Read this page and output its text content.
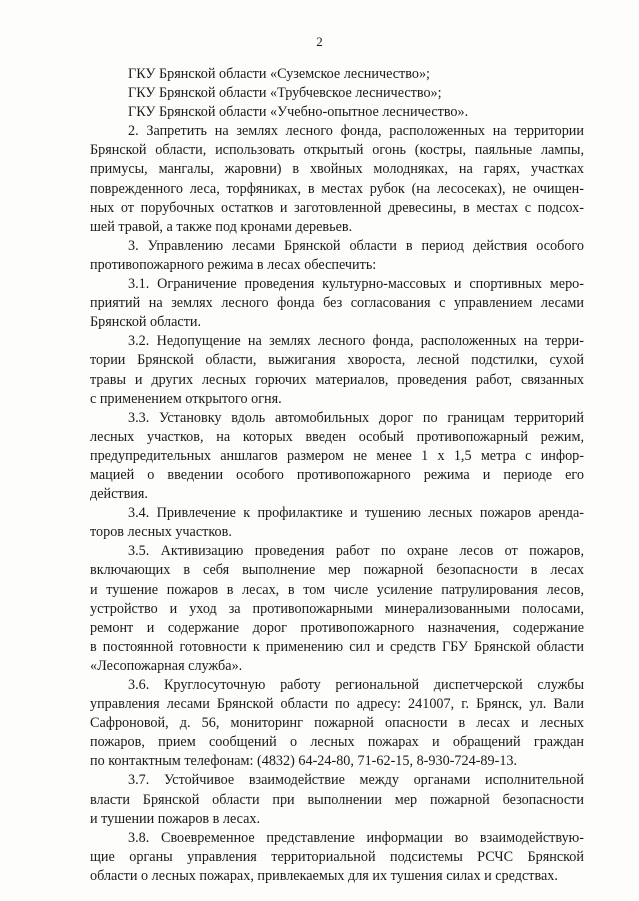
2
ГКУ Брянской области «Суземское лесничество»;
ГКУ Брянской области «Трубчевское лесничество»;
ГКУ Брянской области «Учебно-опытное лесничество».
2. Запретить на землях лесного фонда, расположенных на территории
Брянской области, использовать открытый огонь (костры, паяльные лампы,
примусы, мангалы, жаровни) в хвойных молодняках, на гарях, участках
поврежденного леса, торфяниках, в местах рубок (на лесосеках), не очищен-
ных от порубочных остатков и заготовленной древесины, в местах с подсох-
шей травой, а также под кронами деревьев.
3. Управлению лесами Брянской области в период действия особого
противопожарного режима в лесах обеспечить:
3.1. Ограничение проведения культурно-массовых и спортивных меро-
приятий на землях лесного фонда без согласования с управлением лесами
Брянской области.
3.2. Недопущение на землях лесного фонда, расположенных на терри-
тории Брянской области, выжигания хвороста, лесной подстилки, сухой
травы и других лесных горючих материалов, проведения работ, связанных
с применением открытого огня.
3.3. Установку вдоль автомобильных дорог по границам территорий
лесных участков, на которых введен особый противопожарный режим,
предупредительных аншлагов размером не менее 1 х 1,5 метра с инфор-
мацией о введении особого противопожарного режима и периоде его
действия.
3.4. Привлечение к профилактике и тушению лесных пожаров аренда-
торов лесных участков.
3.5. Активизацию проведения работ по охране лесов от пожаров,
включающих в себя выполнение мер пожарной безопасности в лесах
и тушение пожаров в лесах, в том числе усиление патрулирования лесов,
устройство и уход за противопожарными минерализованными полосами,
ремонт и содержание дорог противопожарного назначения, содержание
в постоянной готовности к применению сил и средств ГБУ Брянской области
«Лесопожарная служба».
3.6. Круглосуточную работу региональной диспетчерской службы
управления лесами Брянской области по адресу: 241007, г. Брянск, ул. Вали
Сафроновой, д. 56, мониторинг пожарной опасности в лесах и лесных
пожаров, прием сообщений о лесных пожарах и обращений граждан
по контактным телефонам: (4832) 64-24-80, 71-62-15, 8-930-724-89-13.
3.7. Устойчивое взаимодействие между органами исполнительной
власти Брянской области при выполнении мер пожарной безопасности
и тушении пожаров в лесах.
3.8. Своевременное представление информации во взаимодействую-
щие органы управления территориальной подсистемы РСЧС Брянской
области о лесных пожарах, привлекаемых для их тушения силах и средствах.
